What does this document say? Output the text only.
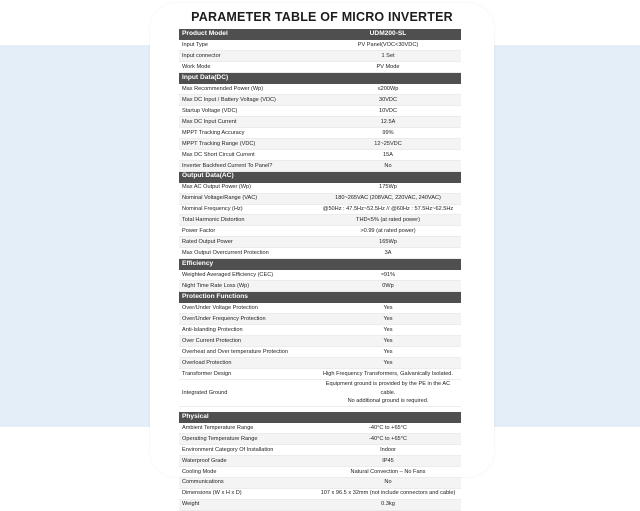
PARAMETER TABLE OF MICRO INVERTER
Product Model	UDM200-SL
Input Type	PV Panel(VOC<30VDC)
Input connector	1 Set
Work Mode	PV Mode
Input Data(DC)	
Max Recommended Power (Wp)	≤200Wp
Max DC Input / Battery Voltage (VDC)	30VDC
Startup Voltage (VDC)	10VDC
Max DC Input Current	12.5A
MPPT Tracking Accuracy	99%
MPPT Tracking Range (VDC)	12~25VDC
Max DC Short Circuit Current	15A
Inverter Backfeed Current To Panel?	No
Output Data(AC)	
Max AC Output Power (Wp)	175Wp
Nominal Voltage/Range (VAC)	180~265VAC (208VAC, 220VAC, 240VAC)
Nominal Frequency (Hz)	@50Hz : 47.5Hz~52.5Hz // @60Hz : 57.5Hz~62.5Hz
Total Harmonic Distortion	THD<5% (at rated power)
Power Factor	>0.99 (at rated power)
Rated Output Power	165Wp
Max Output Overcurrent Protection	3A
Efficiency	
Weighted Averaged Efficiency (CEC)	≈91%
Night Time Rate Loss (Wp)	0Wp
Protection Functions	
Over/Under Voltage Protection	Yes
Over/Under Frequency Protection	Yes
Anti-Islanding Protection	Yes
Over Current Protection	Yes
Overheat and Over temperature Protection	Yes
Overload Protection	Yes
Transformer Design	High Frequency Transformers, Galvanically Isolated.
Integrated Ground	Equipment ground is provided by the PE in the AC cable.
No additional ground is required.

Physical	
Ambient Temperature Range	-40°C to +65°C
Operating Temperature Range	-40°C to +65°C
Environment Category Of Installation	Indoor
Waterproof Grade	IP45
Cooling Mode	Natural Convection – No Fans
Communications	No
Dimensions (W x H x D)	107 x 96.5 x 32mm (not include connectors and cable)
Weight	0.3kg
